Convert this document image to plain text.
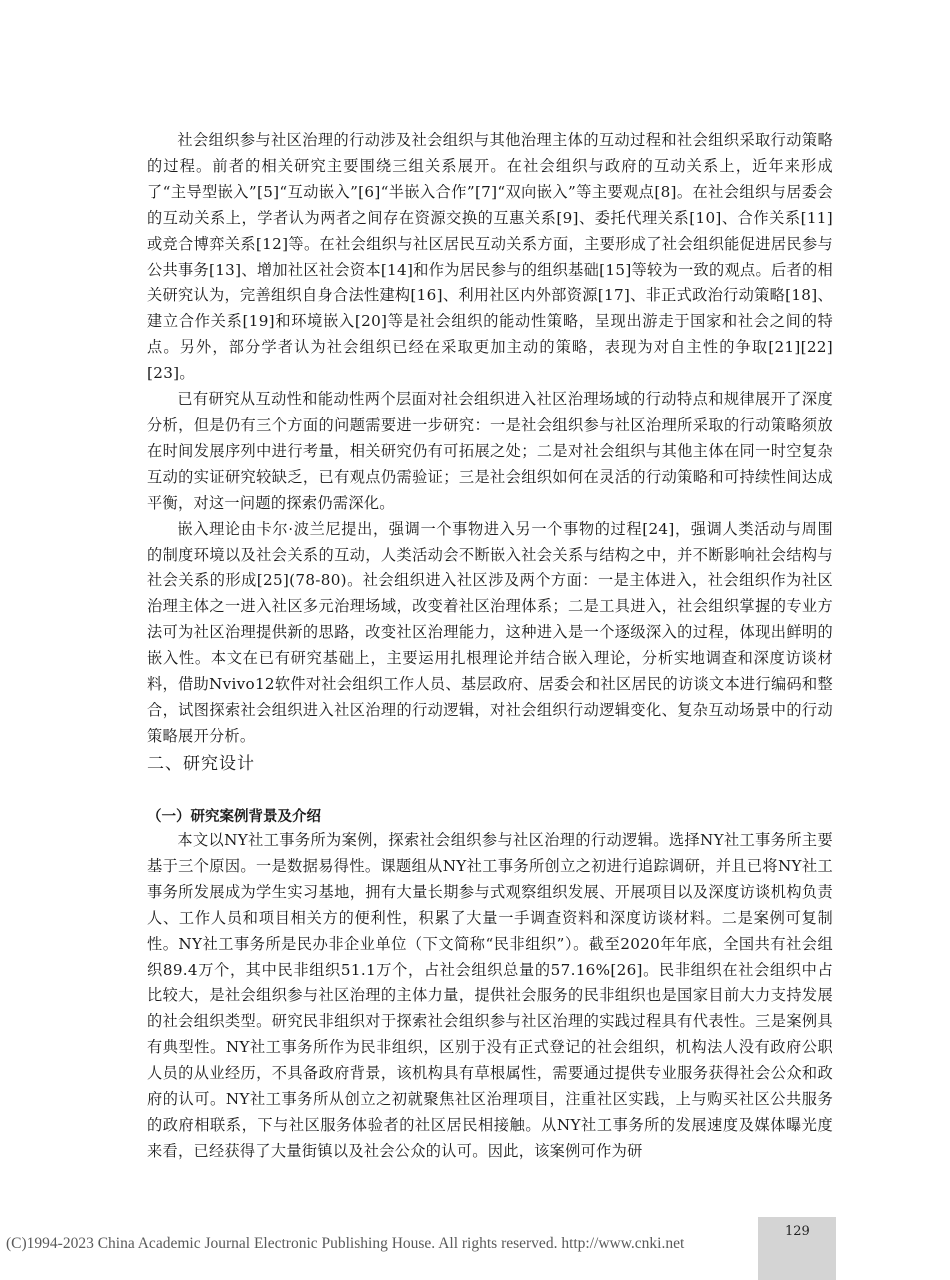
社会组织参与社区治理的行动涉及社会组织与其他治理主体的互动过程和社会组织采取行动策略的过程。前者的相关研究主要围绕三组关系展开。在社会组织与政府的互动关系上，近年来形成了“主导型嵌入”[5]“互动嵌入”[6]“半嵌入合作”[7]“双向嵌入”等主要观点[8]。在社会组织与居委会的互动关系上，学者认为两者之间存在资源交换的互惠关系[9]、委托代理关系[10]、合作关系[11]或竞合博弈关系[12]等。在社会组织与社区居民互动关系方面，主要形成了社会组织能促进居民参与公共事务[13]、增加社区社会资本[14]和作为居民参与的组织基础[15]等较为一致的观点。后者的相关研究认为，完善组织自身合法性建构[16]、利用社区内外部资源[17]、非正式政治行动策略[18]、建立合作关系[19]和环境嵌入[20]等是社会组织的能动性策略，呈现出游走于国家和社会之间的特点。另外，部分学者认为社会组织已经在采取更加主动的策略，表现为对自主性的争取[21][22][23]。

已有研究从互动性和能动性两个层面对社会组织进入社区治理场域的行动特点和规律展开了深度分析，但是仍有三个方面的问题需要进一步研究：一是社会组织参与社区治理所采取的行动策略须放在时间发展序列中进行考量，相关研究仍有可拓展之处；二是对社会组织与其他主体在同一时空复杂互动的实证研究较缺乏，已有观点仍需验证；三是社会组织如何在灵活的行动策略和可持续性间达成平衡，对这一问题的探索仍需深化。

嵌入理论由卡尔·波兰尼提出，强调一个事物进入另一个事物的过程[24]，强调人类活动与周围的制度环境以及社会关系的互动，人类活动会不断嵌入社会关系与结构之中，并不断影响社会结构与社会关系的形成[25](78-80)。社会组织进入社区涉及两个方面：一是主体进入，社会组织作为社区治理主体之一进入社区多元治理场域，改变着社区治理体系；二是工具进入，社会组织掌握的专业方法可为社区治理提供新的思路，改变社区治理能力，这种进入是一个逐级深入的过程，体现出鲜明的嵌入性。本文在已有研究基础上，主要运用扎根理论并结合嵌入理论，分析实地调查和深度访谈材料，借助Nvivo12软件对社会组织工作人员、基层政府、居委会和社区居民的访谈文本进行编码和整合，试图探索社会组织进入社区治理的行动逻辑，对社会组织行动逻辑变化、复杂互动场景中的行动策略展开分析。

二、研究设计
（一）研究案例背景及介绍

本文以NY社工事务所为案例，探索社会组织参与社区治理的行动逻辑。选择NY社工事务所主要基于三个原因。一是数据易得性。课题组从NY社工事务所创立之初进行追踪调研，并且已将NY社工事务所发展成为学生实习基地，拥有大量长期参与式观察组织发展、开展项目以及深度访谈机构负责人、工作人员和项目相关方的便利性，积累了大量一手调查资料和深度访谈材料。二是案例可复制性。NY社工事务所是民办非企业单位（下文简称“民非组织”）。截至2020年年底，全国共有社会组织89.4万个，其中民非组织51.1万个，占社会组织总量的57.16%[26]。民非组织在社会组织中占比较大，是社会组织参与社区治理的主体力量，提供社会服务的民非组织也是国家目前大力支持发展的社会组织类型。研究民非组织对于探索社会组织参与社区治理的实践过程具有代表性。三是案例具有典型性。NY社工事务所作为民非组织，区别于没有正式登记的社会组织，机构法人没有政府公职人员的从业经历，不具备政府背景，该机构具有草根属性，需要通过提供专业服务获得社会公众和政府的认可。NY社工事务所从创立之初就聚焦社区治理项目，注重社区实践，上与购买社区公共服务的政府相联系，下与社区服务体验者的社区居民相接触。从NY社工事务所的发展速度及媒体曝光度来看，已经获得了大量街镇以及社会公众的认可。因此，该案例可作为研

129
(C)1994-2023 China Academic Journal Electronic Publishing House. All rights reserved. http://www.cnki.net
